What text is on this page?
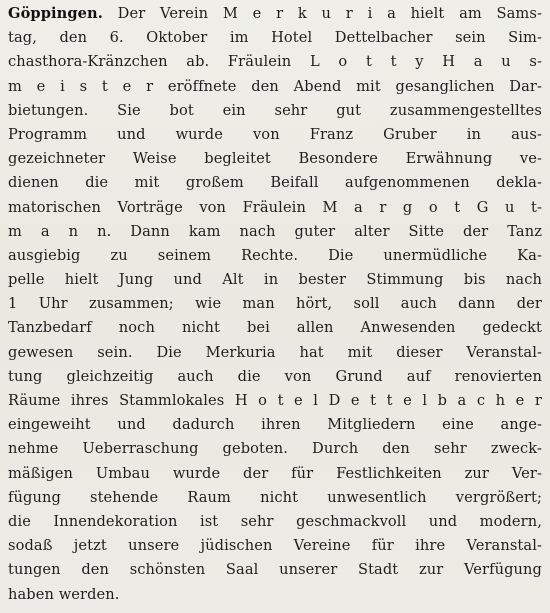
Göppingen. Der Verein M e r k u r i a hielt am Sams-
tag, den 6. Oktober im Hotel Dettelbacher sein Sim-
chasthora-Kränzchen ab. Fräulein L o t t y H a u s-
m e i s t e r eröffnete den Abend mit gesanglichen Dar-
bietungen. Sie bot ein sehr gut zusammengestelltes
Programm und wurde von Franz Gruber in aus-
gezeichneter Weise begleitet Besondere Erwähnung ve-
dienen die mit großem Beifall aufgenommenen dekla-
matorischen Vorträge von Fräulein M a r g o t G u t-
m a n n. Dann kam nach guter alter Sitte der Tanz
ausgiebig zu seinem Rechte. Die unermüdliche Ka-
pelle hielt Jung und Alt in bester Stimmung bis nach
1 Uhr zusammen; wie man hört, soll auch dann der
Tanzbedarf noch nicht bei allen Anwesenden gedeckt
gewesen sein. Die Merkuria hat mit dieser Veranstal-
tung gleichzeitig auch die von Grund auf renovierten
Räume ihres Stammlokales H o t e l D e t t e l b a c h e r
eingeweiht und dadurch ihren Mitgliedern eine ange-
nehme Ueberraschung geboten. Durch den sehr zweck-
mäßigen Umbau wurde der für Festlichkeiten zur Ver-
fügung stehende Raum nicht unwesentlich vergrößert;
die Innendekoration ist sehr geschmackvoll und modern,
sodaß jetzt unsere jüdischen Vereine für ihre Veranstal-
tungen den schönsten Saal unserer Stadt zur Verfügung
haben werden.
